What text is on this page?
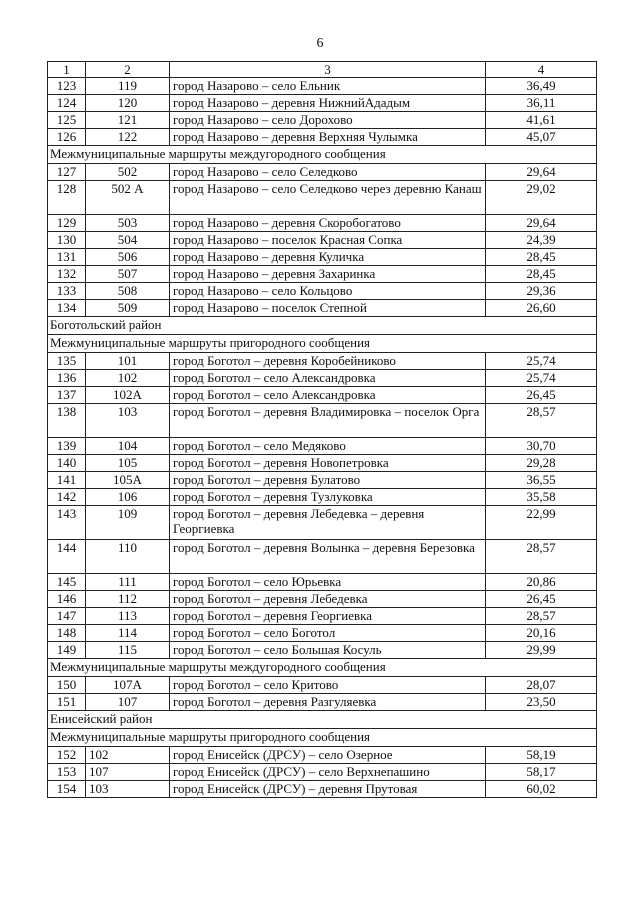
6
1	2	3	4
123	119	город Назарово – село Ельник	36,49
124	120	город Назарово – деревня НижнийАдадым	36,11
125	121	город Назарово – село Дорохово	41,61
126	122	город Назарово – деревня Верхняя Чулымка	45,07
Межмуниципальные маршруты междугородного сообщения			
127	502	город Назарово – село Селедково	29,64
128	502 А	город Назарово – село Селедково через деревню Канаш	29,02
129	503	город Назарово – деревня Скоробогатово	29,64
130	504	город Назарово – поселок Красная Сопка	24,39
131	506	город Назарово – деревня Куличка	28,45
132	507	город Назарово – деревня Захаринка	28,45
133	508	город Назарово – село Кольцово	29,36
134	509	город Назарово – поселок Степной	26,60
Боготольский район			
Межмуниципальные маршруты пригородного сообщения			
135	101	город Боготол – деревня Коробейниково	25,74
136	102	город Боготол – село Александровка	25,74
137	102А	город Боготол – село Александровка	26,45
138	103	город Боготол – деревня Владимировка – поселок Орга	28,57
139	104	город Боготол – село Медяково	30,70
140	105	город Боготол – деревня Новопетровка	29,28
141	105А	город Боготол – деревня Булатово	36,55
142	106	город Боготол – деревня Тузлуковка	35,58
143	109	город Боготол – деревня Лебедевка – деревня Георгиевка	22,99
144	110	город Боготол – деревня Волынка – деревня Березовка	28,57
145	111	город Боготол – село Юрьевка	20,86
146	112	город Боготол – деревня Лебедевка	26,45
147	113	город Боготол – деревня Георгиевка	28,57
148	114	город Боготол – село Боготол	20,16
149	115	город Боготол – село Большая Косуль	29,99
Межмуниципальные маршруты междугородного сообщения			
150	107А	город Боготол – село Критово	28,07
151	107	город Боготол – деревня Разгуляевка	23,50
Енисейский район			
Межмуниципальные маршруты пригородного сообщения			
152	102	город Енисейск (ДРСУ) – село Озерное	58,19
153	107	город Енисейск (ДРСУ) – село Верхнепашино	58,17
154	103	город Енисейск (ДРСУ) – деревня Прутовая	60,02
